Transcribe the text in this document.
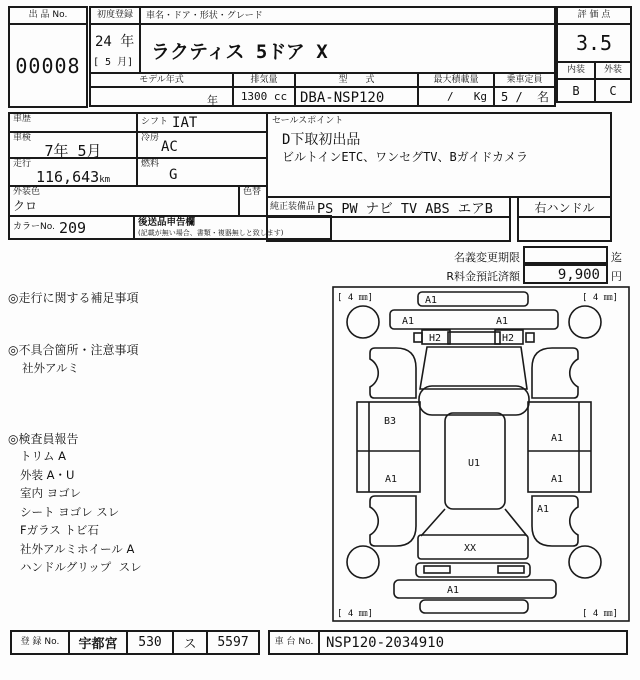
出 品 No.
00008
初度登録
24 年
[ 5 月]
車名・ドア・形状・グレード
ラクティス 5ドア X
モデル年式	排気量	型　　式	最大積載量	乗車定員
年	1300 cc DBA-NSP120	/ Kg 5 / 名
評 価 点
3.5
内装	外装
B	C
車歴	シフト IAT
車検
7年 5月
冷房
AC
走行
116,643km
燃料
G
外装色
クロ
色替
カラーNo. 209	後送品申告欄
(記載が無い場合、書類・複器無しと致します)
セールスポイント
D下取初出品
ビルトインETC、ワンセグTV、Bガイドカメラ
純正装備品 PS PW ナビ TV ABS エアB	右ハンドル
名義変更期限	迄
R料金預託済額	9,900	円
◎走行に関する補足事項
◎不具合箇所・注意事項
社外アルミ
◎検査員報告
トリム A
外装 A・U
室内 ヨゴレ
シート ヨゴレ スレ
Fガラス トビ石
社外アルミホイール A
ハンドルグリップ  スレ
[ 4 ㎜]	[ 4 ㎜]
[ 4 ㎜]	[ 4 ㎜]
A1
A1	A1
H2	H2
B3
A1
A1
A1
A1
U1
XX
A1
登 録 No.	宇都宮	530	ス	5597	車 台 No. NSP120-2034910
